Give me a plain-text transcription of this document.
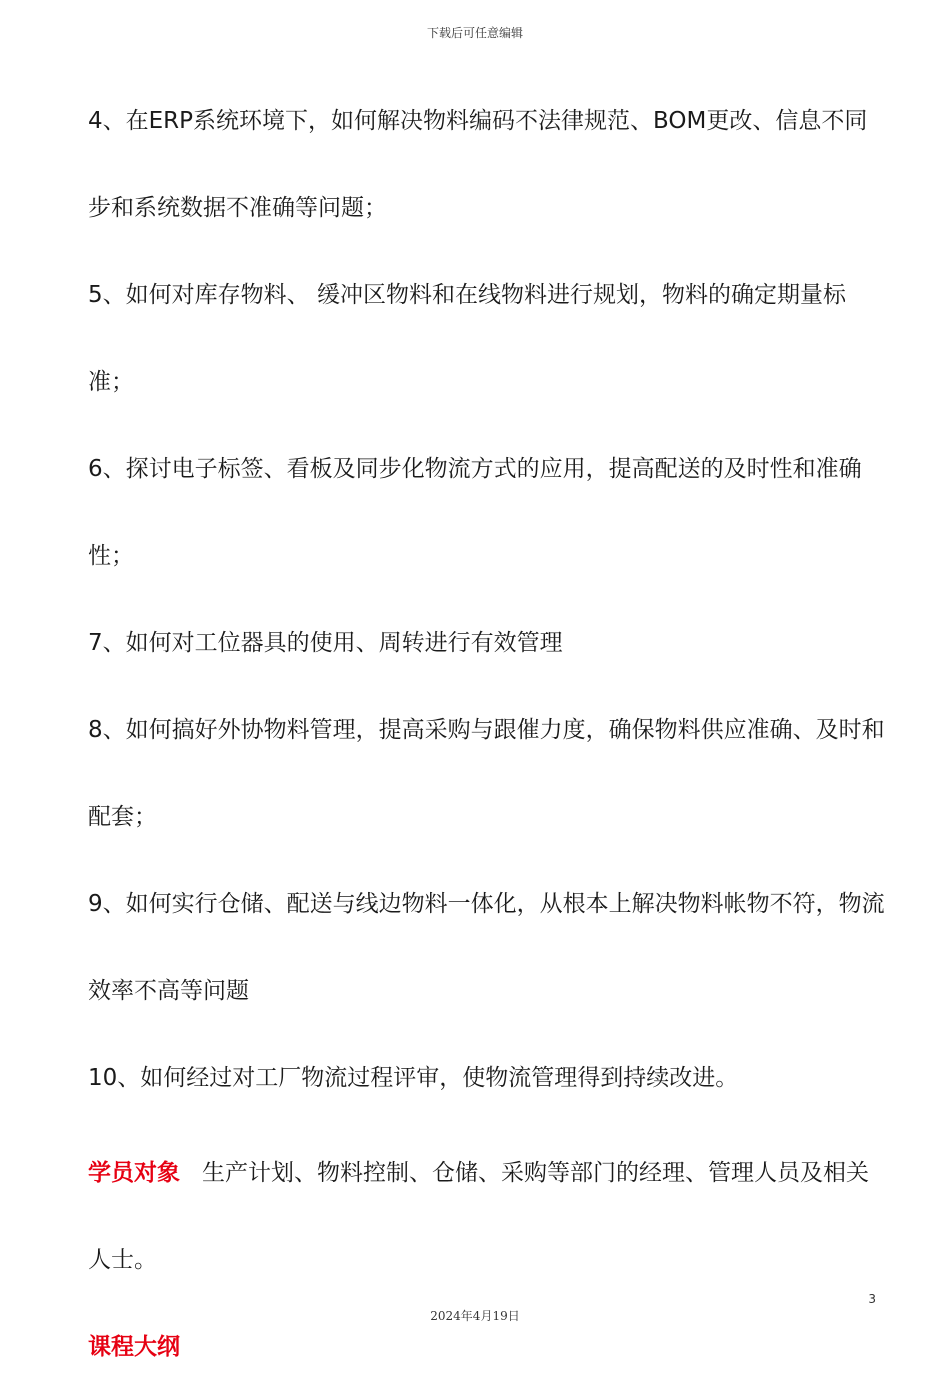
下载后可任意编辑

4、在ERP系统环境下，如何解决物料编码不法律规范、BOM更改、信息不同步和系统数据不准确等问题；

5、如何对库存物料、 缓冲区物料和在线物料进行规划，物料的确定期量标准；

6、探讨电子标签、看板及同步化物流方式的应用，提高配送的及时性和准确性；

7、如何对工位器具的使用、周转进行有效管理

8、如何搞好外协物料管理，提高采购与跟催力度，确保物料供应准确、及时和配套；

9、如何实行仓储、配送与线边物料一体化，从根本上解决物料帐物不符，物流效率不高等问题

10、如何经过对工厂物流过程评审，使物流管理得到持续改进。

学员对象 生产计划、物料控制、仓储、采购等部门的经理、管理人员及相关人士。

课程大纲

3
2024年4月19日
